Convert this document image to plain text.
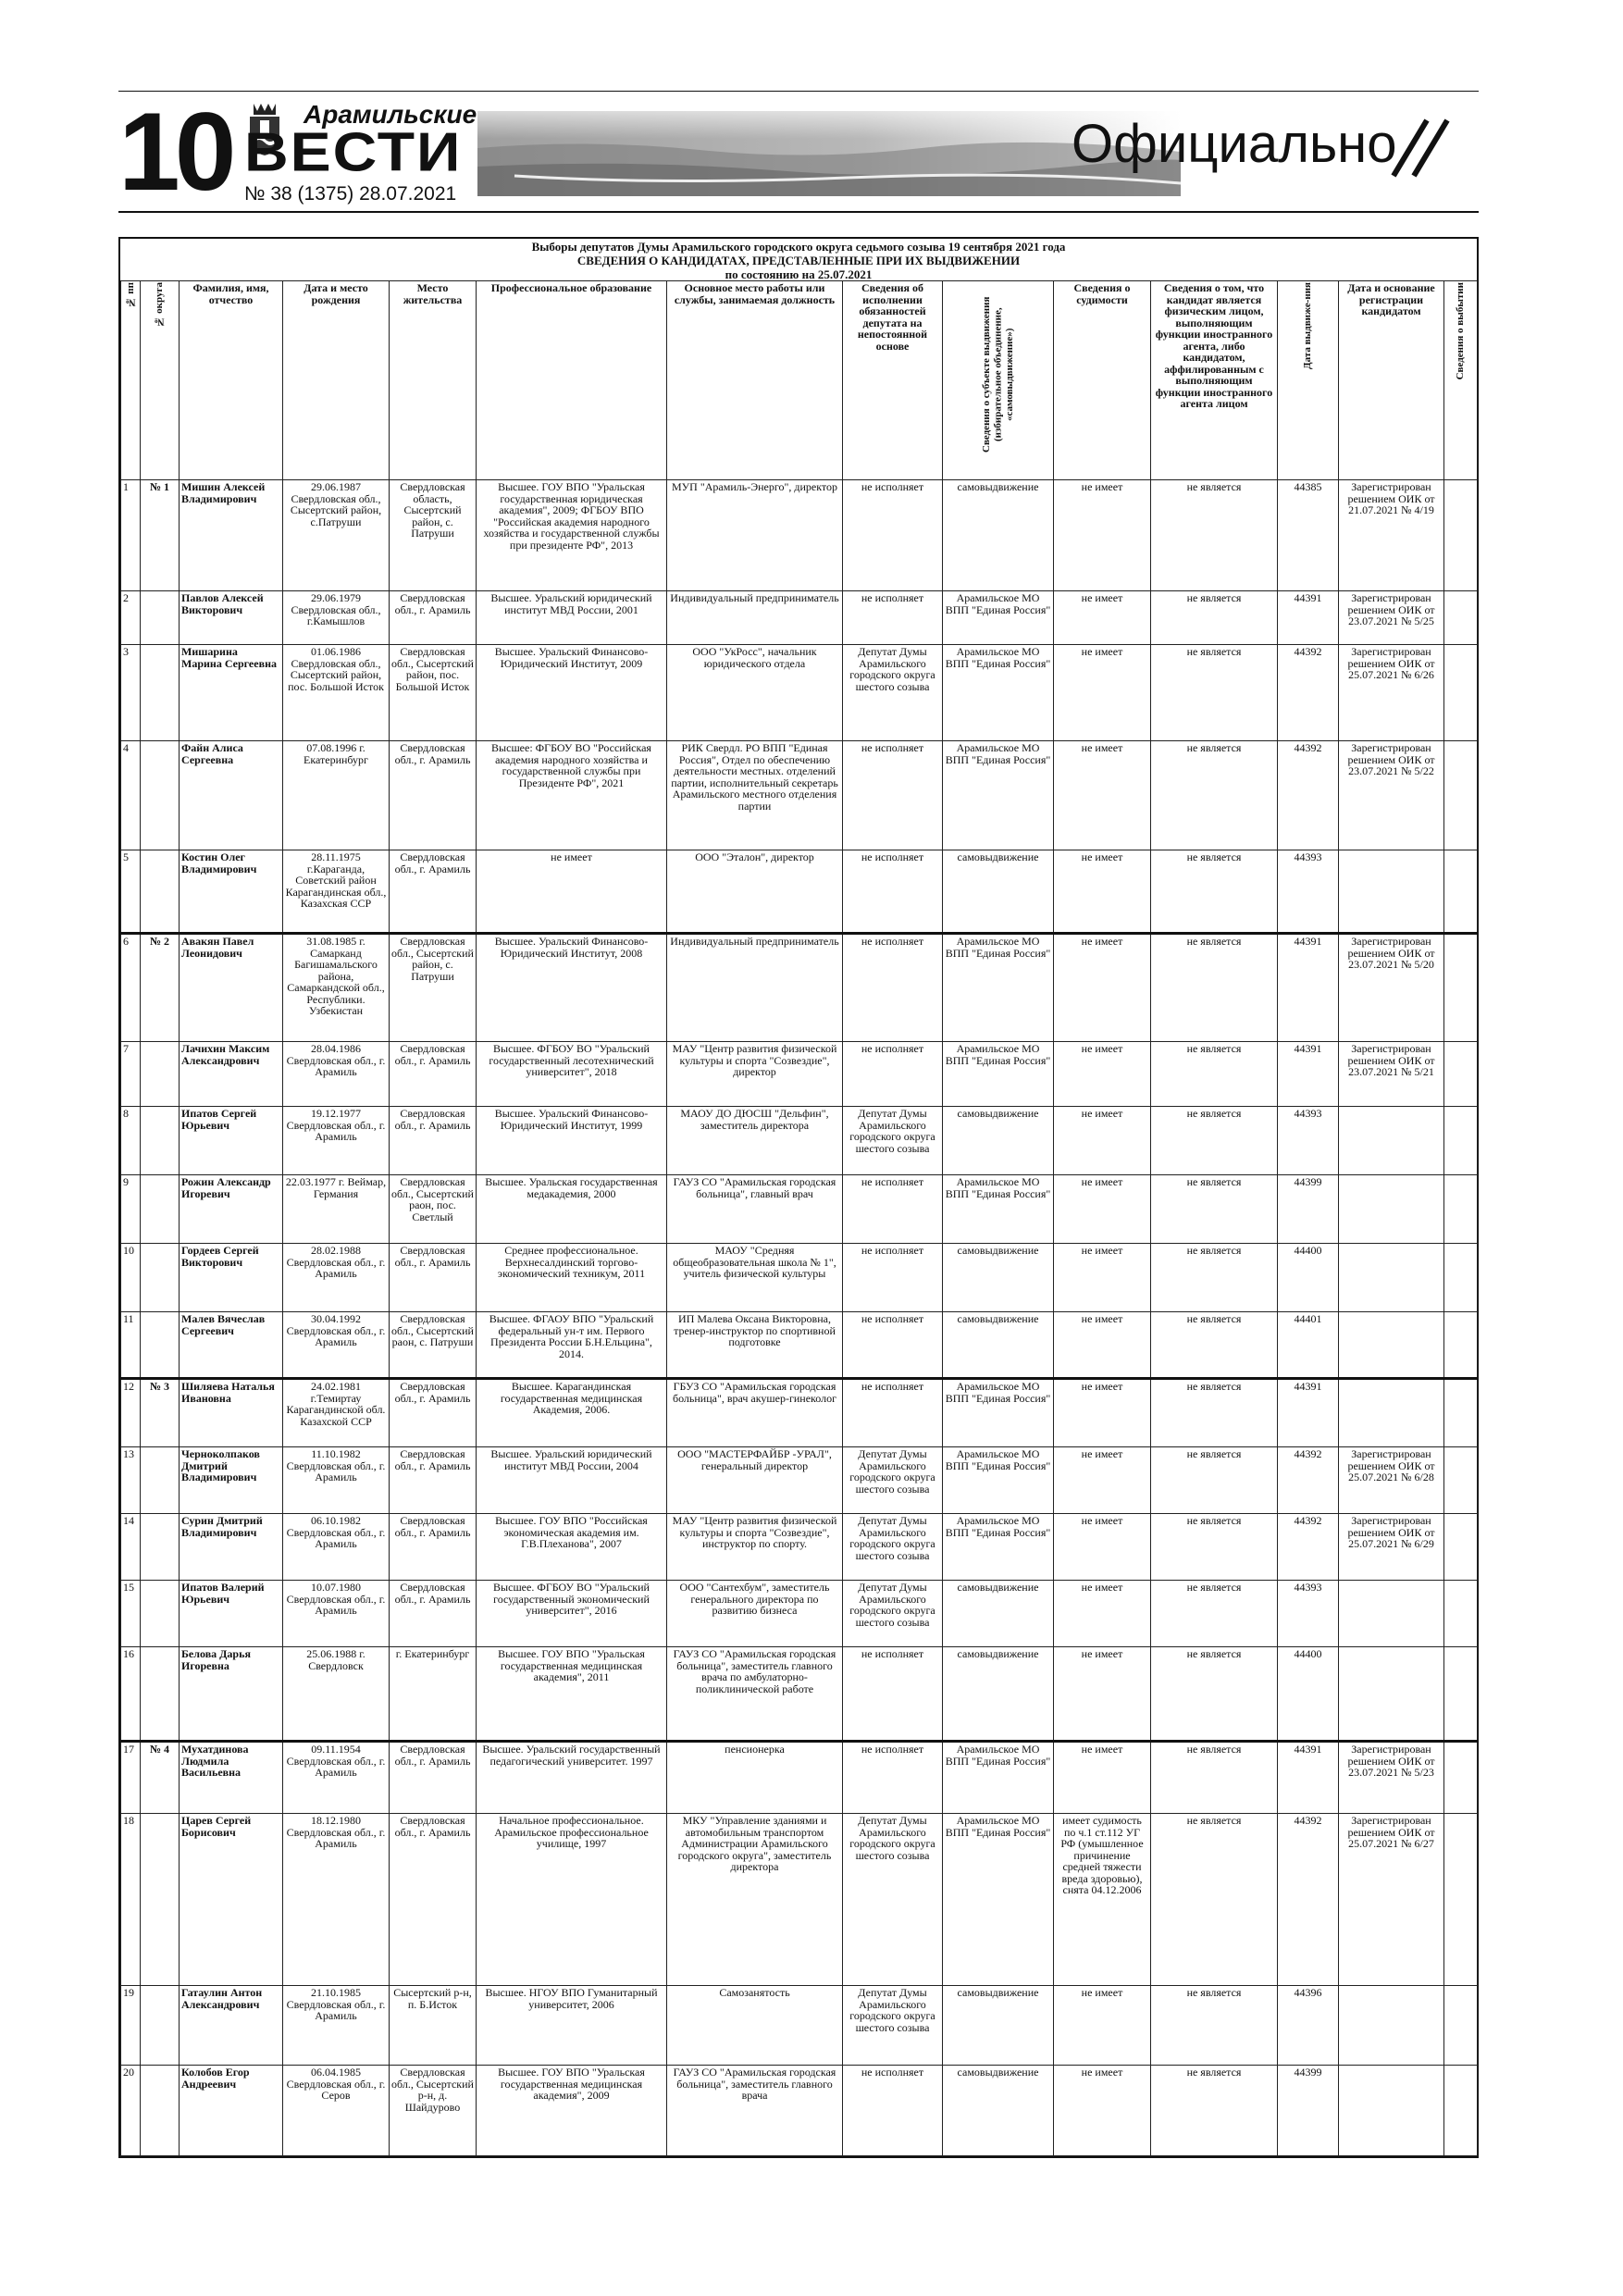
10	Арамильские
ВЕСТИ
№ 38 (1375) 28.07.2021
Официально
Выборы депутатов Думы Арамильского городского округа седьмого созыва 19 сентября 2021 года
СВЕДЕНИЯ О КАНДИДАТАХ, ПРЕДСТАВЛЕННЫЕ ПРИ ИХ ВЫДВИЖЕНИИ
по состоянию на 25.07.2021
№ пп	№ округа	Фамилия, имя, отчество	Дата и место рождения	Место жительства	Профессиональное образование	Основное место работы или службы, занимаемая должность	Сведения об исполнении обязанностей депутата на непостоянной основе	Сведения о субъекте выдвижения (избирательное объединение, «самовыдвижение»)	Сведения о судимости	Сведения о том, что кандидат является физическим лицом, выполняющим функции иностранного агента, либо кандидатом, аффилированным с выполняющим функции иностранного агента лицом	Дата выдвиже-ния	Дата и основание регистрации кандидатом	Сведения о выбытии
1	№ 1	Мишин Алексей Владимирович	29.06.1987 Свердловская обл., Сысертский район, с.Патруши	Свердловская область, Сысертский район, с. Патруши	Высшее. ГОУ ВПО "Уральская государственная юридическая академия", 2009; ФГБОУ ВПО "Российская академия народного хозяйства и государственной службы при президенте РФ", 2013	МУП "Арамиль-Энерго", директор	не исполняет	самовыдвижение	не имеет	не является	44385	Зарегистрирован решением ОИК от 21.07.2021 № 4/19	
2		Павлов Алексей Викторович	29.06.1979 Свердловская обл., г.Камышлов	Свердловская обл., г. Арамиль	Высшее. Уральский юридический институт МВД России, 2001	Индивидуальный предприниматель	не исполняет	Арамильское МО ВПП "Единая Россия"	не имеет	не является	44391	Зарегистрирован решением ОИК от 23.07.2021 № 5/25	
3		Мишарина Марина Сергеевна	01.06.1986 Свердловская обл., Сысертский район, пос. Большой Исток	Свердловская обл., Сысертский район, пос. Большой Исток	Высшее. Уральский Финансово-Юридический Институт, 2009	ООО "УкРосс", начальник юридического отдела	Депутат Думы Арамильского городского округа шестого созыва	Арамильское МО ВПП "Единая Россия"	не имеет	не является	44392	Зарегистрирован решением ОИК от 25.07.2021 № 6/26	
4		Файн Алиса Сергеевна	07.08.1996 г. Екатеринбург	Свердловская обл., г. Арамиль	Высшее: ФГБОУ ВО "Российская академия народного хозяйства и государственной службы при Президенте РФ", 2021	РИК Свердл. РО ВПП "Единая Россия", Отдел по обеспечению деятельности местных. отделений партии, исполнительный секретарь Арамильского местного отделения партии	не исполняет	Арамильское МО ВПП "Единая Россия"	не имеет	не является	44392	Зарегистрирован решением ОИК от 23.07.2021 № 5/22	
5		Костин Олег Владимирович	28.11.1975 г.Караганда, Советский район Карагандинская обл., Казахская ССР	Свердловская обл., г. Арамиль	не имеет	ООО "Эталон", директор	не исполняет	самовыдвижение	не имеет	не является	44393		
6	№ 2	Авакян Павел Леонидович	31.08.1985 г. Самарканд Багишамальского района, Самаркандской обл., Республики. Узбекистан	Свердловская обл., Сысертский район, с. Патруши	Высшее. Уральский Финансово-Юридический Институт, 2008	Индивидуальный предприниматель	не исполняет	Арамильское МО ВПП "Единая Россия"	не имеет	не является	44391	Зарегистрирован решением ОИК от 23.07.2021 № 5/20	
7		Лачихин Максим Александрович	28.04.1986 Свердловская обл., г. Арамиль	Свердловская обл., г. Арамиль	Высшее. ФГБОУ ВО "Уральский государственный лесотехнический университет", 2018	МАУ "Центр развития физической культуры и спорта "Созвездие", директор	не исполняет	Арамильское МО ВПП "Единая Россия"	не имеет	не является	44391	Зарегистрирован решением ОИК от 23.07.2021 № 5/21	
8		Ипатов Сергей Юрьевич	19.12.1977 Свердловская обл., г. Арамиль	Свердловская обл., г. Арамиль	Высшее. Уральский Финансово-Юридический Институт, 1999	МАОУ ДО ДЮСШ "Дельфин", заместитель директора	Депутат Думы Арамильского городского округа шестого созыва	самовыдвижение	не имеет	не является	44393		
9		Рожин Александр Игоревич	22.03.1977 г. Веймар, Германия	Свердловская обл., Сысертский раон, пос. Светлый	Высшее. Уральская государственная медакадемия, 2000	ГАУЗ СО "Арамильская городская больница", главный врач	не исполняет	Арамильское МО ВПП "Единая Россия"	не имеет	не является	44399		
10		Гордеев Сергей Викторович	28.02.1988 Свердловская обл., г. Арамиль	Свердловская обл., г. Арамиль	Среднее профессиональное. Верхнесалдинский торгово-экономический техникум, 2011	МАОУ "Средняя общеобразовательная школа № 1", учитель физической культуры	не исполняет	самовыдвижение	не имеет	не является	44400		
11		Малев Вячеслав Сергеевич	30.04.1992 Свердловская обл., г. Арамиль	Свердловская обл., Сысертский раон, с. Патруши	Высшее. ФГАОУ ВПО "Уральский федеральный ун-т им. Первого Президента России Б.Н.Ельцина", 2014.	ИП Малева Оксана Викторовна, тренер-инструктор по спортивной подготовке	не исполняет	самовыдвижение	не имеет	не является	44401		
12	№ 3	Шиляева Наталья Ивановна	24.02.1981 г.Темиртау Карагандинской обл. Казахской ССР	Свердловская обл., г. Арамиль	Высшее. Карагандинская государственная медицинская Академия, 2006.	ГБУЗ СО "Арамильская городская больница", врач акушер-гинеколог	не исполняет	Арамильское МО ВПП "Единая Россия"	не имеет	не является	44391		
13		Черноколпаков Дмитрий Владимирович	11.10.1982 Свердловская обл., г. Арамиль	Свердловская обл., г. Арамиль	Высшее. Уральский юридический институт МВД России, 2004	ООО "МАСТЕРФАЙБР -УРАЛ", генеральный директор	Депутат Думы Арамильского городского округа шестого созыва	Арамильское МО ВПП "Единая Россия"	не имеет	не является	44392	Зарегистрирован решением ОИК от 25.07.2021 № 6/28	
14		Сурин Дмитрий Владимирович	06.10.1982 Свердловская обл., г. Арамиль	Свердловская обл., г. Арамиль	Высшее. ГОУ ВПО "Российская экономическая академия им. Г.В.Плеханова", 2007	МАУ "Центр развития физической культуры и спорта "Созвездие", инструктор по спорту.	Депутат Думы Арамильского городского округа шестого созыва	Арамильское МО ВПП "Единая Россия"	не имеет	не является	44392	Зарегистрирован решением ОИК от 25.07.2021 № 6/29	
15		Ипатов Валерий Юрьевич	10.07.1980 Свердловская обл., г. Арамиль	Свердловская обл., г. Арамиль	Высшее. ФГБОУ ВО "Уральский государственный экономический университет", 2016	ООО "Сантехбум", заместитель генерального директора по развитию бизнеса	Депутат Думы Арамильского городского округа шестого созыва	самовыдвижение	не имеет	не является	44393		
16		Белова Дарья Игоревна	25.06.1988 г. Свердловск	г. Екатеринбург	Высшее. ГОУ ВПО "Уральская государственная медицинская академия", 2011	ГАУЗ СО "Арамильская городская больница", заместитель главного врача по амбулаторно-поликлинической работе	не исполняет	самовыдвижение	не имеет	не является	44400		
17	№ 4	Мухатдинова Людмила Васильевна	09.11.1954 Свердловская обл., г. Арамиль	Свердловская обл., г. Арамиль	Высшее. Уральский государственный педагогический университет. 1997	пенсионерка	не исполняет	Арамильское МО ВПП "Единая Россия"	не имеет	не является	44391	Зарегистрирован решением ОИК от 23.07.2021 № 5/23	
18		Царев Сергей Борисович	18.12.1980 Свердловская обл., г. Арамиль	Свердловская обл., г. Арамиль	Начальное профессиональное. Арамильское профессиональное училище, 1997	МКУ "Управление зданиями и автомобильным транспортом Администрации Арамильского городского округа", заместитель директора	Депутат Думы Арамильского городского округа шестого созыва	Арамильское МО ВПП "Единая Россия"	имеет судимость по ч.1 ст.112 УГ РФ (умышленное причинение средней тяжести вреда здоровью), снята 04.12.2006	не является	44392	Зарегистрирован решением ОИК от 25.07.2021 № 6/27	
19		Гатаулин Антон Александрович	21.10.1985 Свердловская обл., г. Арамиль	Сысертский р-н, п. Б.Исток	Высшее. НГОУ ВПО Гуманитарный университет, 2006	Самозанятость	Депутат Думы Арамильского городского округа шестого созыва	самовыдвижение	не имеет	не является	44396		
20		Колобов Егор Андреевич	06.04.1985 Свердловская обл., г. Серов	Свердловская обл., Сысертский р-н, д. Шайдурово	Высшее. ГОУ ВПО "Уральская государственная медицинская академия", 2009	ГАУЗ СО "Арамильская городская больница", заместитель главного врача	не исполняет	самовыдвижение	не имеет	не является	44399		
